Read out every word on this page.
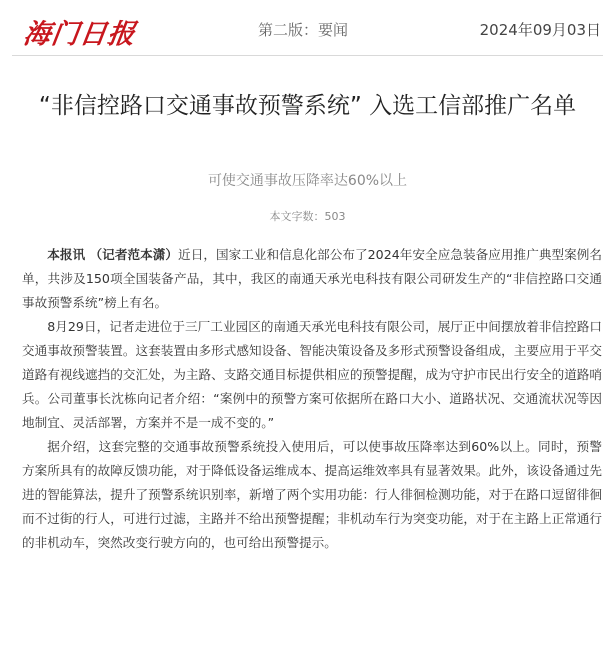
海门日报	第二版：要闻	2024年09月03日
“非信控路口交通事故预警系统” 入选工信部推广名单
可使交通事故压降率达60%以上
本文字数：503

本报讯 （记者范本潇）近日，国家工业和信息化部公布了2024年安全应急装备应用推广典型案例名单，共涉及150项全国装备产品，其中，我区的南通天承光电科技有限公司研发生产的“非信控路口交通事故预警系统”榜上有名。

8月29日，记者走进位于三厂工业园区的南通天承光电科技有限公司，展厅正中间摆放着非信控路口交通事故预警装置。这套装置由多形式感知设备、智能决策设备及多形式预警设备组成，主要应用于平交道路有视线遮挡的交汇处，为主路、支路交通目标提供相应的预警提醒，成为守护市民出行安全的道路哨兵。公司董事长沈栋向记者介绍：“案例中的预警方案可依据所在路口大小、道路状况、交通流状况等因地制宜、灵活部署，方案并不是一成不变的。”

据介绍，这套完整的交通事故预警系统投入使用后，可以使事故压降率达到60%以上。同时，预警方案所具有的故障反馈功能，对于降低设备运维成本、提高运维效率具有显著效果。此外，该设备通过先进的智能算法，提升了预警系统识别率，新增了两个实用功能：行人徘徊检测功能，对于在路口逗留徘徊而不过街的行人，可进行过滤，主路并不给出预警提醒；非机动车行为突变功能，对于在主路上正常通行的非机动车，突然改变行驶方向的，也可给出预警提示。
